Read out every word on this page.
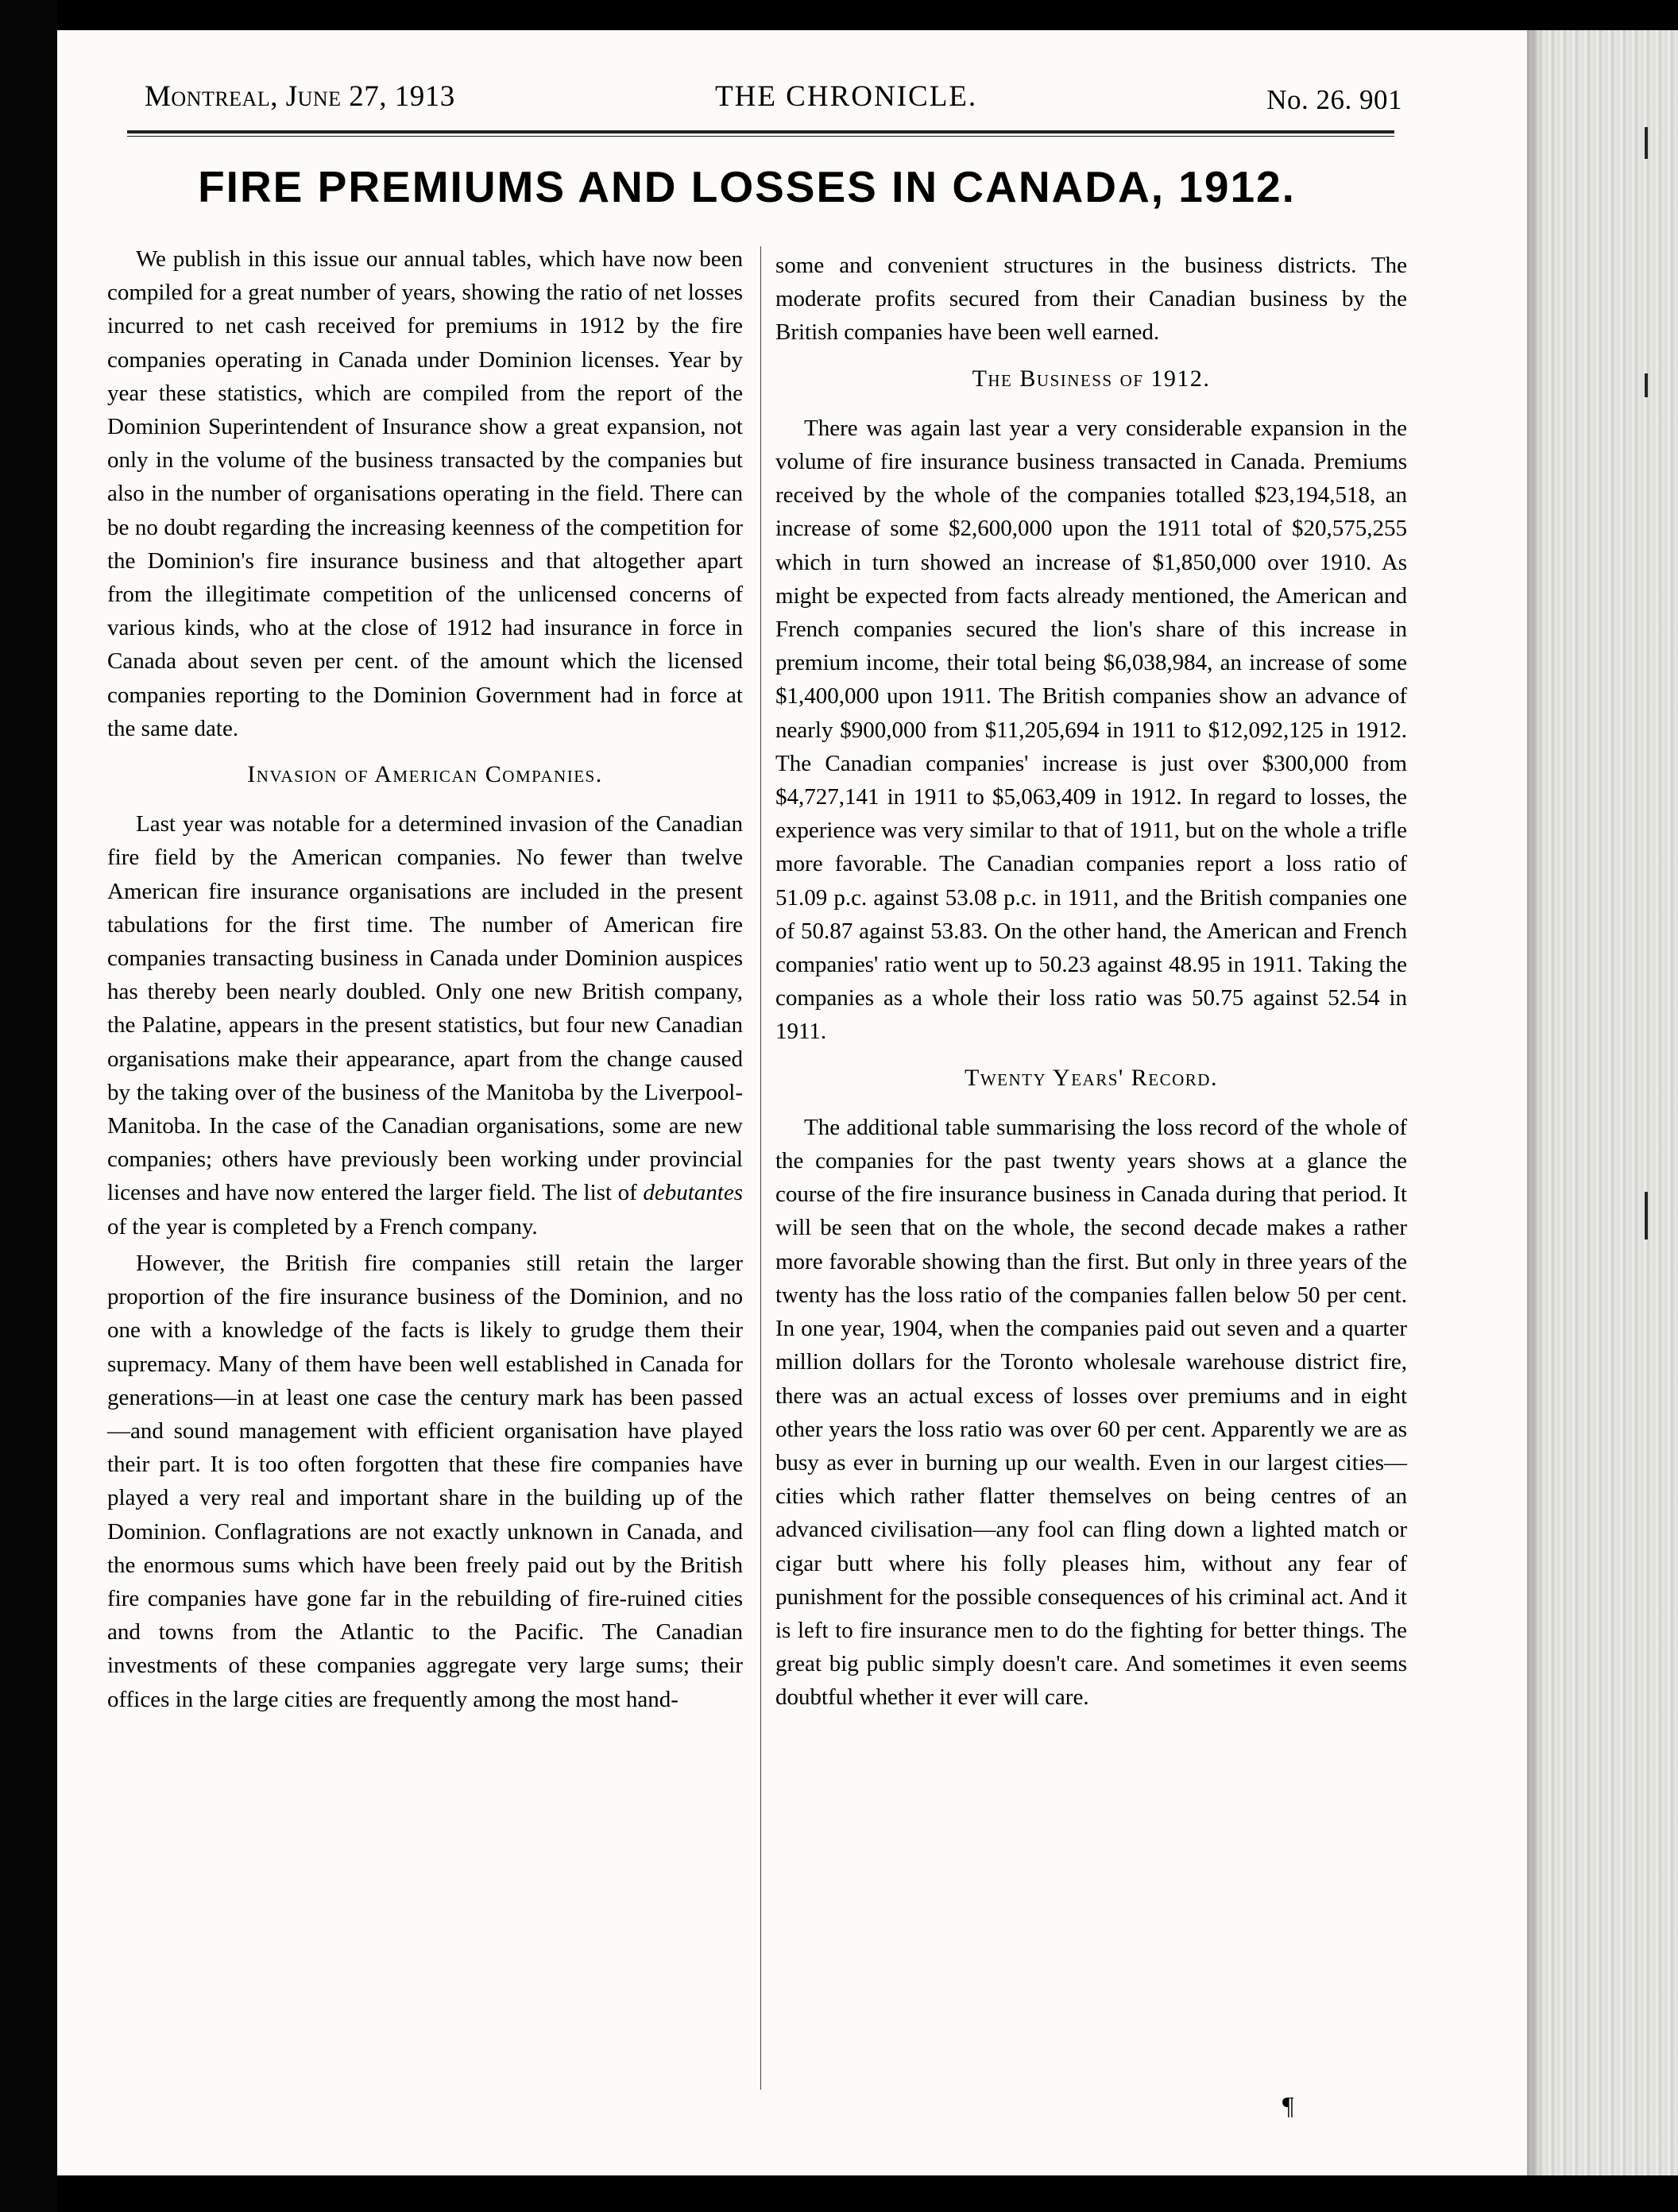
Montreal, June 27, 1913	THE CHRONICLE.	No. 26. 901
FIRE PREMIUMS AND LOSSES IN CANADA, 1912.

We publish in this issue our annual tables, which have now been compiled for a great number of years, showing the ratio of net losses incurred to net cash received for premiums in 1912 by the fire companies operating in Canada under Dominion licenses. Year by year these statistics, which are compiled from the report of the Dominion Superintendent of Insurance show a great expansion, not only in the volume of the business transacted by the companies but also in the number of organisations operating in the field. There can be no doubt regarding the increasing keenness of the competition for the Dominion's fire insurance business and that altogether apart from the illegitimate competition of the unlicensed concerns of various kinds, who at the close of 1912 had insurance in force in Canada about seven per cent. of the amount which the licensed companies reporting to the Dominion Government had in force at the same date.

Invasion of American Companies.

Last year was notable for a determined invasion of the Canadian fire field by the American companies. No fewer than twelve American fire insurance organisations are included in the present tabulations for the first time. The number of American fire companies transacting business in Canada under Dominion auspices has thereby been nearly doubled. Only one new British company, the Palatine, appears in the present statistics, but four new Canadian organisations make their appearance, apart from the change caused by the taking over of the business of the Manitoba by the Liverpool-Manitoba. In the case of the Canadian organisations, some are new companies; others have previously been working under provincial licenses and have now entered the larger field. The list of debutantes of the year is completed by a French company.

However, the British fire companies still retain the larger proportion of the fire insurance business of the Dominion, and no one with a knowledge of the facts is likely to grudge them their supremacy. Many of them have been well established in Canada for generations—in at least one case the century mark has been passed—and sound management with efficient organisation have played their part. It is too often forgotten that these fire companies have played a very real and important share in the building up of the Dominion. Conflagrations are not exactly unknown in Canada, and the enormous sums which have been freely paid out by the British fire companies have gone far in the rebuilding of fire-ruined cities and towns from the Atlantic to the Pacific. The Canadian investments of these companies aggregate very large sums; their offices in the large cities are frequently among the most hand-

some and convenient structures in the business districts. The moderate profits secured from their Canadian business by the British companies have been well earned.

The Business of 1912.

There was again last year a very considerable expansion in the volume of fire insurance business transacted in Canada. Premiums received by the whole of the companies totalled $23,194,518, an increase of some $2,600,000 upon the 1911 total of $20,575,255 which in turn showed an increase of $1,850,000 over 1910. As might be expected from facts already mentioned, the American and French companies secured the lion's share of this increase in premium income, their total being $6,038,984, an increase of some $1,400,000 upon 1911. The British companies show an advance of nearly $900,000 from $11,205,694 in 1911 to $12,092,125 in 1912. The Canadian companies' increase is just over $300,000 from $4,727,141 in 1911 to $5,063,409 in 1912. In regard to losses, the experience was very similar to that of 1911, but on the whole a trifle more favorable. The Canadian companies report a loss ratio of 51.09 p.c. against 53.08 p.c. in 1911, and the British companies one of 50.87 against 53.83. On the other hand, the American and French companies' ratio went up to 50.23 against 48.95 in 1911. Taking the companies as a whole their loss ratio was 50.75 against 52.54 in 1911.

Twenty Years' Record.

The additional table summarising the loss record of the whole of the companies for the past twenty years shows at a glance the course of the fire insurance business in Canada during that period. It will be seen that on the whole, the second decade makes a rather more favorable showing than the first. But only in three years of the twenty has the loss ratio of the companies fallen below 50 per cent. In one year, 1904, when the companies paid out seven and a quarter million dollars for the Toronto wholesale warehouse district fire, there was an actual excess of losses over premiums and in eight other years the loss ratio was over 60 per cent. Apparently we are as busy as ever in burning up our wealth. Even in our largest cities—cities which rather flatter themselves on being centres of an advanced civilisation—any fool can fling down a lighted match or cigar butt where his folly pleases him, without any fear of punishment for the possible consequences of his criminal act. And it is left to fire insurance men to do the fighting for better things. The great big public simply doesn't care. And sometimes it even seems doubtful whether it ever will care.

¶
